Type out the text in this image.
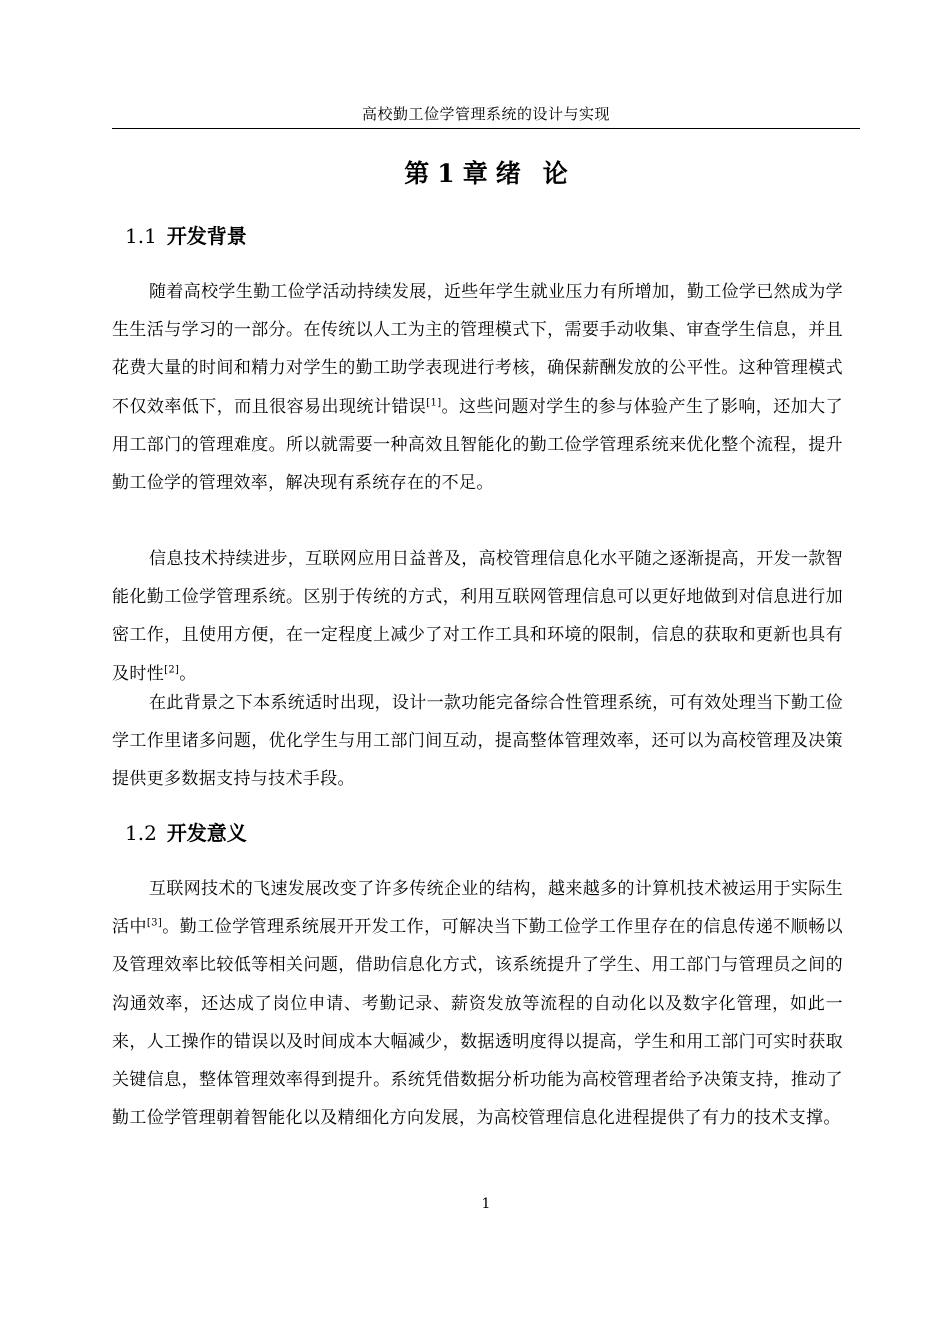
高校勤工俭学管理系统的设计与实现
第 1 章 绪论
1.1 开发背景

随着高校学生勤工俭学活动持续发展，近些年学生就业压力有所增加，勤工俭学已然成为学生生活与学习的一部分。在传统以人工为主的管理模式下，需要手动收集、审查学生信息，并且花费大量的时间和精力对学生的勤工助学表现进行考核，确保薪酬发放的公平性。这种管理模式不仅效率低下，而且很容易出现统计错误[1]。这些问题对学生的参与体验产生了影响，还加大了用工部门的管理难度。所以就需要一种高效且智能化的勤工俭学管理系统来优化整个流程，提升勤工俭学的管理效率，解决现有系统存在的不足。

信息技术持续进步，互联网应用日益普及，高校管理信息化水平随之逐渐提高，开发一款智能化勤工俭学管理系统。区别于传统的方式，利用互联网管理信息可以更好地做到对信息进行加密工作，且使用方便，在一定程度上减少了对工作工具和环境的限制，信息的获取和更新也具有及时性[2]。

在此背景之下本系统适时出现，设计一款功能完备综合性管理系统，可有效处理当下勤工俭学工作里诸多问题，优化学生与用工部门间互动，提高整体管理效率，还可以为高校管理及决策提供更多数据支持与技术手段。

1.2 开发意义

互联网技术的飞速发展改变了许多传统企业的结构，越来越多的计算机技术被运用于实际生活中[3]。勤工俭学管理系统展开开发工作，可解决当下勤工俭学工作里存在的信息传递不顺畅以及管理效率比较低等相关问题，借助信息化方式，该系统提升了学生、用工部门与管理员之间的沟通效率，还达成了岗位申请、考勤记录、薪资发放等流程的自动化以及数字化管理，如此一来，人工操作的错误以及时间成本大幅减少，数据透明度得以提高，学生和用工部门可实时获取关键信息，整体管理效率得到提升。系统凭借数据分析功能为高校管理者给予决策支持，推动了勤工俭学管理朝着智能化以及精细化方向发展，为高校管理信息化进程提供了有力的技术支撑。

1
